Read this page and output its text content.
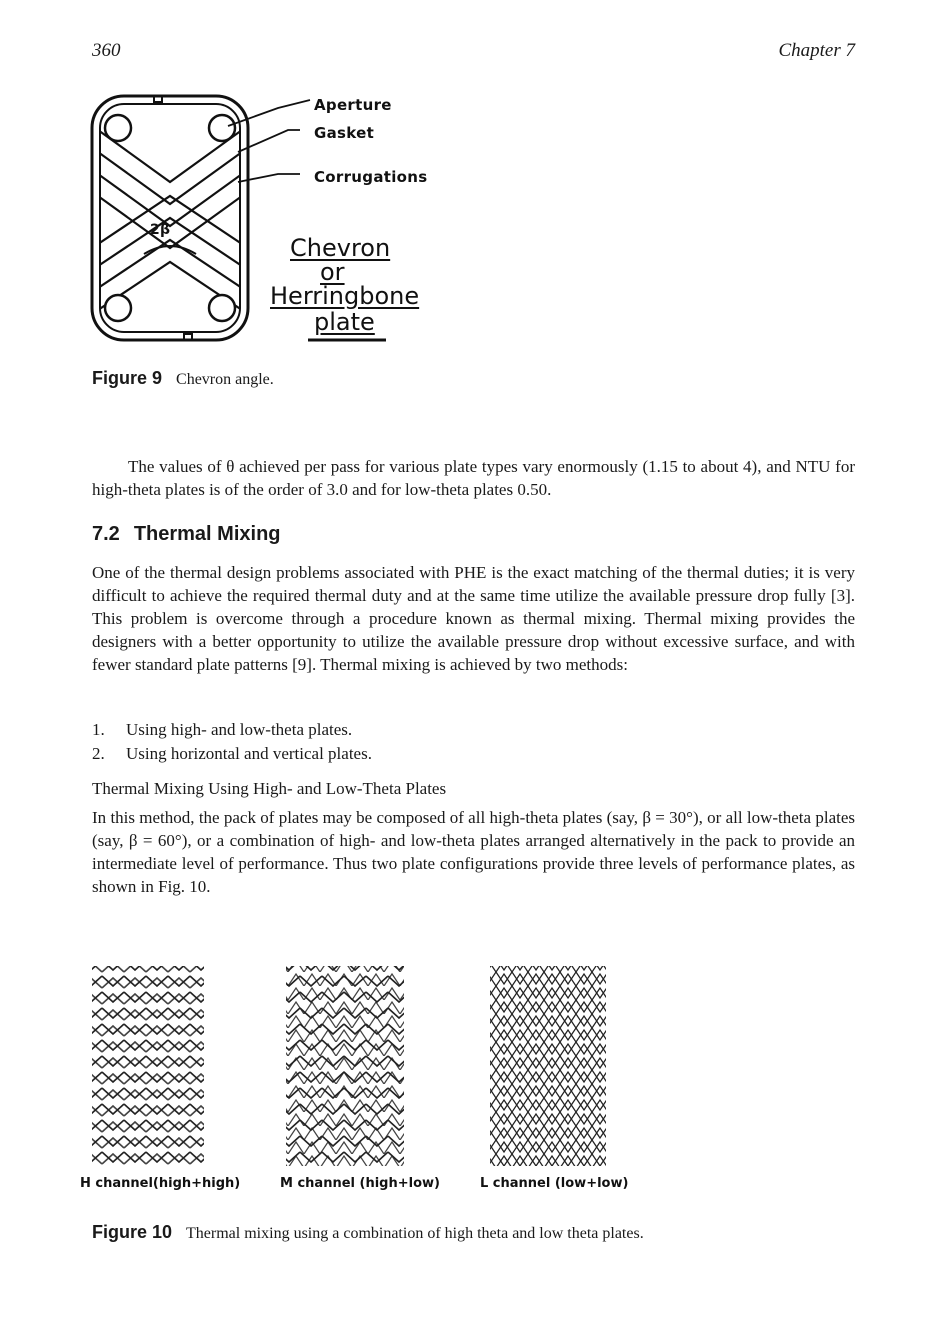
360	Chapter 7
Aperture
Gasket
Corrugations
2β
Chevron
or
Herringbone
plate
Figure 9 Chevron angle.

The values of θ achieved per pass for various plate types vary enormously (1.15 to about 4), and NTU for high-theta plates is of the order of 3.0 and for low-theta plates 0.50.

7.2 Thermal Mixing

One of the thermal design problems associated with PHE is the exact matching of the thermal duties; it is very difficult to achieve the required thermal duty and at the same time utilize the available pressure drop fully [3]. This problem is overcome through a procedure known as thermal mixing. Thermal mixing provides the designers with a better opportunity to utilize the available pressure drop without excessive surface, and with fewer standard plate patterns [9]. Thermal mixing is achieved by two methods:

1.	Using high- and low-theta plates.
2.	Using horizontal and vertical plates.

Thermal Mixing Using High- and Low-Theta Plates

In this method, the pack of plates may be composed of all high-theta plates (say, β = 30°), or all low-theta plates (say, β = 60°), or a combination of high- and low-theta plates arranged alternatively in the pack to provide an intermediate level of performance. Thus two plate configurations provide three levels of performance plates, as shown in Fig. 10.

H channel(high+high)	M channel (high+low)	L channel (low+low)
Figure 10 Thermal mixing using a combination of high theta and low theta plates.
